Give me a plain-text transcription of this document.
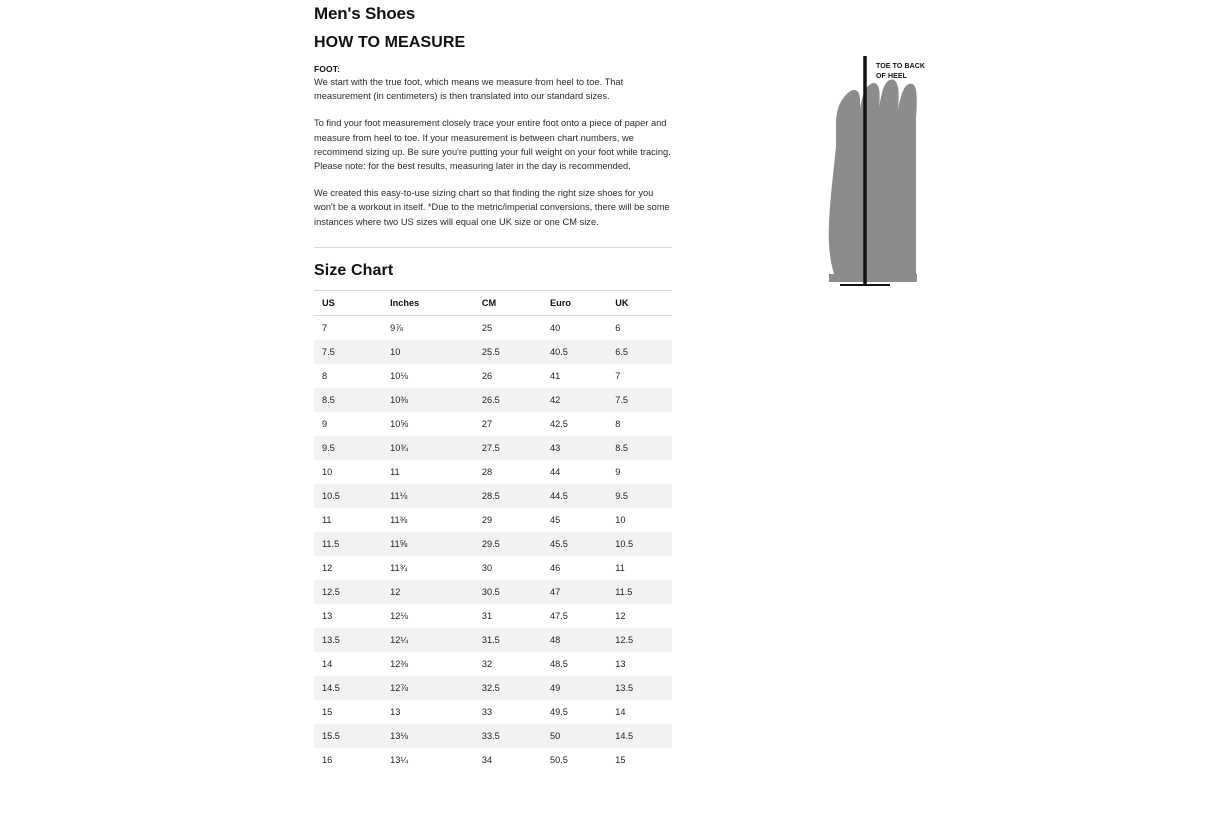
Men's Shoes
HOW TO MEASURE
FOOT:

We start with the true foot, which means we measure from heel to toe. That measurement (in centimeters) is then translated into our standard sizes.

To find your foot measurement closely trace your entire foot onto a piece of paper and measure from heel to toe. If your measurement is between chart numbers, we recommend sizing up. Be sure you're putting your full weight on your foot while tracing. Please note: for the best results, measuring later in the day is recommended.

We created this easy-to-use sizing chart so that finding the right size shoes for you won't be a workout in itself. *Due to the metric/imperial conversions, there will be some instances where two US sizes will equal one UK size or one CM size.

Size Chart
US	Inches	CM	Euro	UK
7	9⅞	25	40	6
7.5	10	25.5	40.5	6.5
8	10⅛	26	41	7
8.5	10⅜	26.5	42	7.5
9	10⅝	27	42.5	8
9.5	10¾	27.5	43	8.5
10	11	28	44	9
10.5	11⅛	28.5	44.5	9.5
11	11⅜	29	45	10
11.5	11⅝	29.5	45.5	10.5
12	11¾	30	46	11
12.5	12	30.5	47	11.5
13	12⅛	31	47.5	12
13.5	12¼	31.5	48	12.5
14	12⅜	32	48.5	13
14.5	12⅞	32.5	49	13.5
15	13	33	49.5	14
15.5	13⅛	33.5	50	14.5
16	13¼	34	50.5	15
TOE TO BACK OF HEEL
